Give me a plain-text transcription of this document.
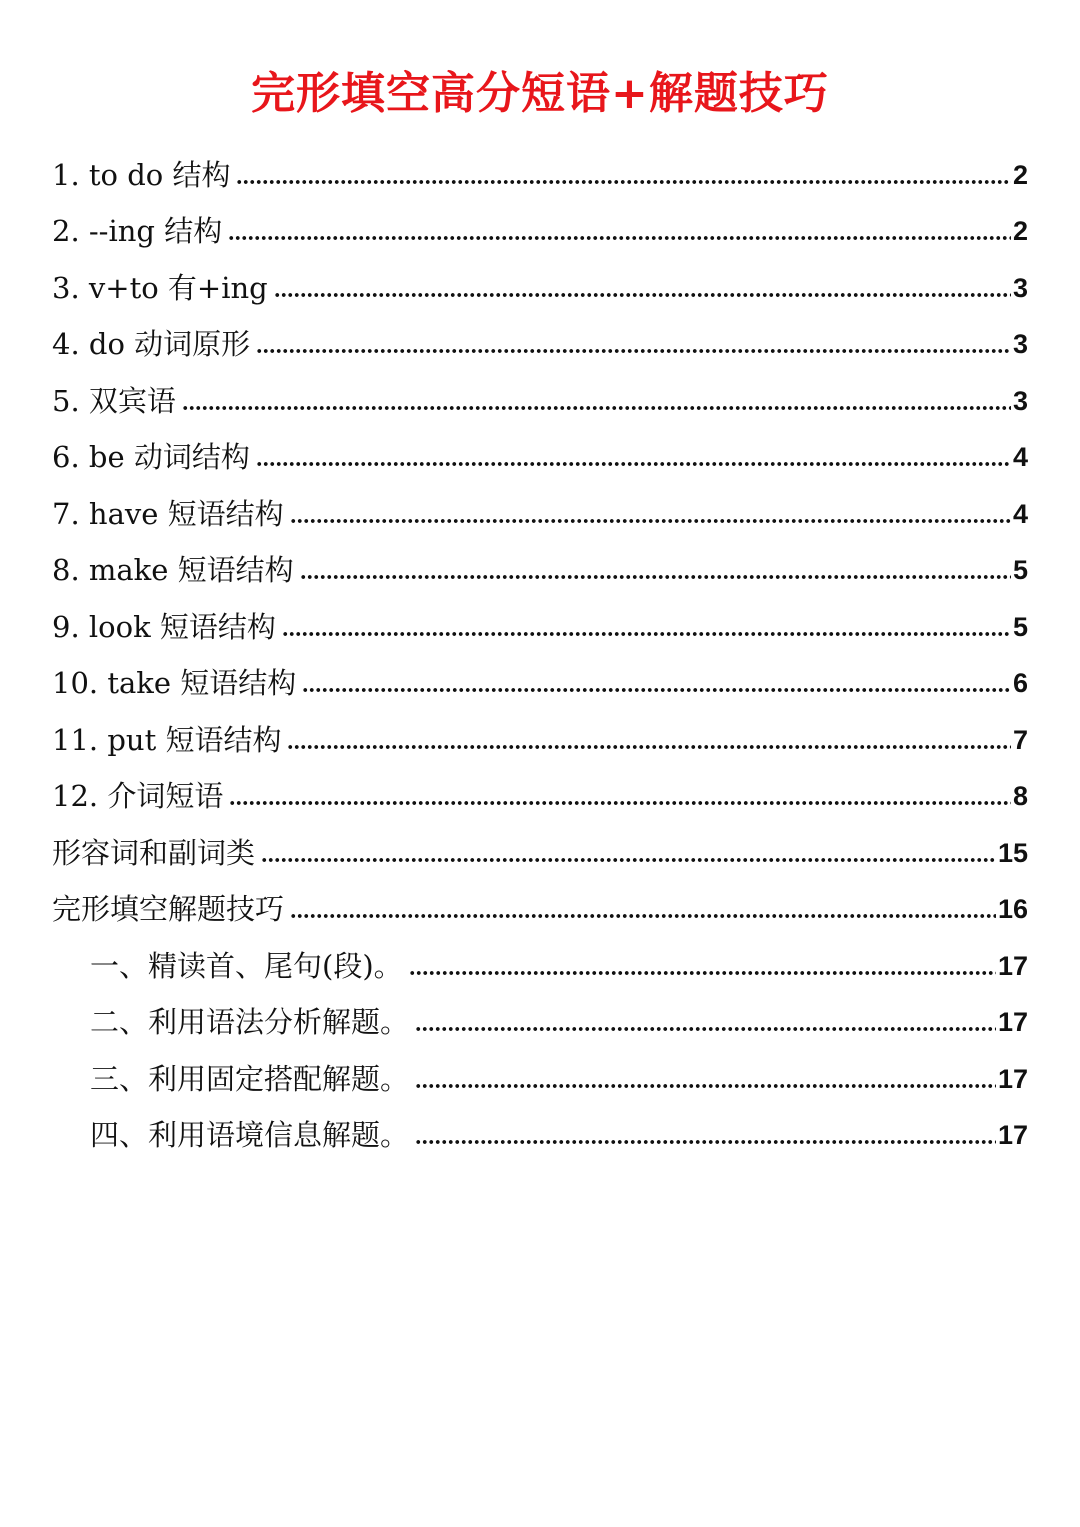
完形填空高分短语+解题技巧
1. to do 结构	2
2. --ing 结构	2
3. v+to 有+ing	3
4. do 动词原形	3
5. 双宾语	3
6. be 动词结构	4
7. have 短语结构	4
8. make 短语结构	5
9. look 短语结构	5
10. take 短语结构	6
11. put 短语结构	7
12. 介词短语	8
形容词和副词类	15
完形填空解题技巧	16
一、精读首、尾句(段)。	17
二、利用语法分析解题。	17
三、利用固定搭配解题。	17
四、利用语境信息解题。	17
